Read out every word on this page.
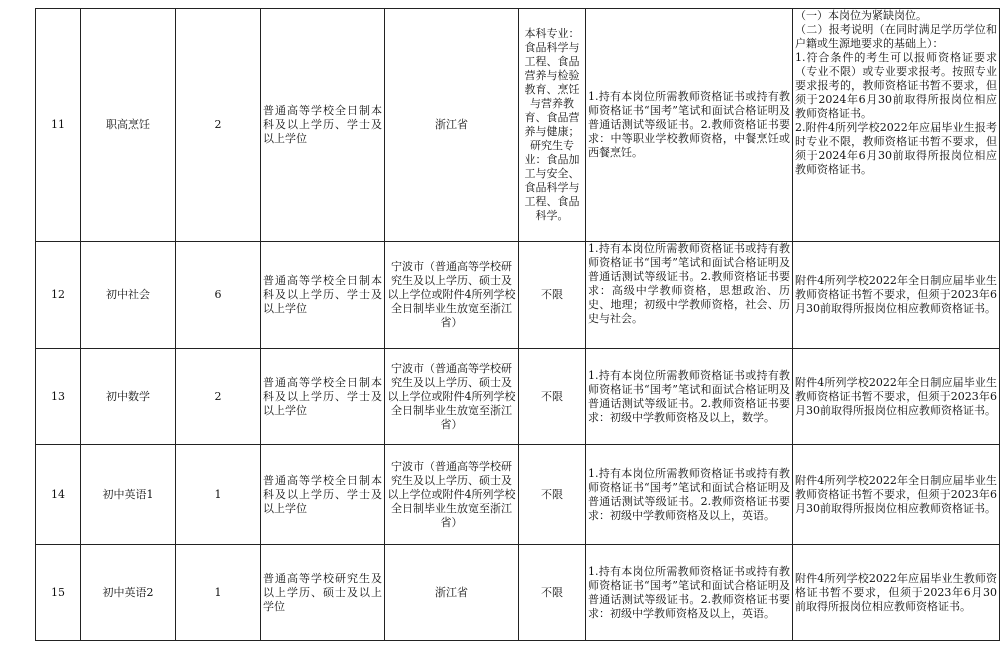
11	职高烹饪	2	普通高等学校全日制本科及以上学历、学士及以上学位	浙江省	本科专业：食品科学与工程、食品营养与检验教育、烹饪与营养教育、食品营养与健康；研究生专业：食品加工与安全、食品科学与工程、食品科学。	1.持有本岗位所需教师资格证书或持有教师资格证书“国考”笔试和面试合格证明及普通话测试等级证书。2.教师资格证书要求：中等职业学校教师资格，中餐烹饪或西餐烹饪。	（一）本岗位为紧缺岗位。
（二）报考说明（在同时满足学历学位和户籍或生源地要求的基础上）：
1.符合条件的考生可以报师资格证要求（专业不限）或专业要求报考。按照专业要求报考的，教师资格证书暂不要求，但须于2024年6月30前取得所报岗位相应教师资格证书。
2.附件4所列学校2022年应届毕业生报考时专业不限，教师资格证书暂不要求，但须于2024年6月30前取得所报岗位相应教师资格证书。
12	初中社会	6	普通高等学校全日制本科及以上学历、学士及以上学位	宁波市（普通高等学校研究生及以上学历、硕士及以上学位或附件4所列学校全日制毕业生放宽至浙江省）	不限	1.持有本岗位所需教师资格证书或持有教师资格证书“国考”笔试和面试合格证明及普通话测试等级证书。2.教师资格证书要求：高级中学教师资格，思想政治、历史、地理；初级中学教师资格，社会、历史与社会。	附件4所列学校2022年全日制应届毕业生教师资格证书暂不要求，但须于2023年6月30前取得所报岗位相应教师资格证书。
13	初中数学	2	普通高等学校全日制本科及以上学历、学士及以上学位	宁波市（普通高等学校研究生及以上学历、硕士及以上学位或附件4所列学校全日制毕业生放宽至浙江省）	不限	1.持有本岗位所需教师资格证书或持有教师资格证书“国考”笔试和面试合格证明及普通话测试等级证书。2.教师资格证书要求：初级中学教师资格及以上，数学。	附件4所列学校2022年全日制应届毕业生教师资格证书暂不要求，但须于2023年6月30前取得所报岗位相应教师资格证书。
14	初中英语1	1	普通高等学校全日制本科及以上学历、学士及以上学位	宁波市（普通高等学校研究生及以上学历、硕士及以上学位或附件4所列学校全日制毕业生放宽至浙江省）	不限	1.持有本岗位所需教师资格证书或持有教师资格证书“国考”笔试和面试合格证明及普通话测试等级证书。2.教师资格证书要求：初级中学教师资格及以上，英语。	附件4所列学校2022年全日制应届毕业生教师资格证书暂不要求，但须于2023年6月30前取得所报岗位相应教师资格证书。
15	初中英语2	1	普通高等学校研究生及以上学历、硕士及以上学位	浙江省	不限	1.持有本岗位所需教师资格证书或持有教师资格证书“国考”笔试和面试合格证明及普通话测试等级证书。2.教师资格证书要求：初级中学教师资格及以上，英语。	附件4所列学校2022年应届毕业生教师资格证书暂不要求，但须于2023年6月30前取得所报岗位相应教师资格证书。
